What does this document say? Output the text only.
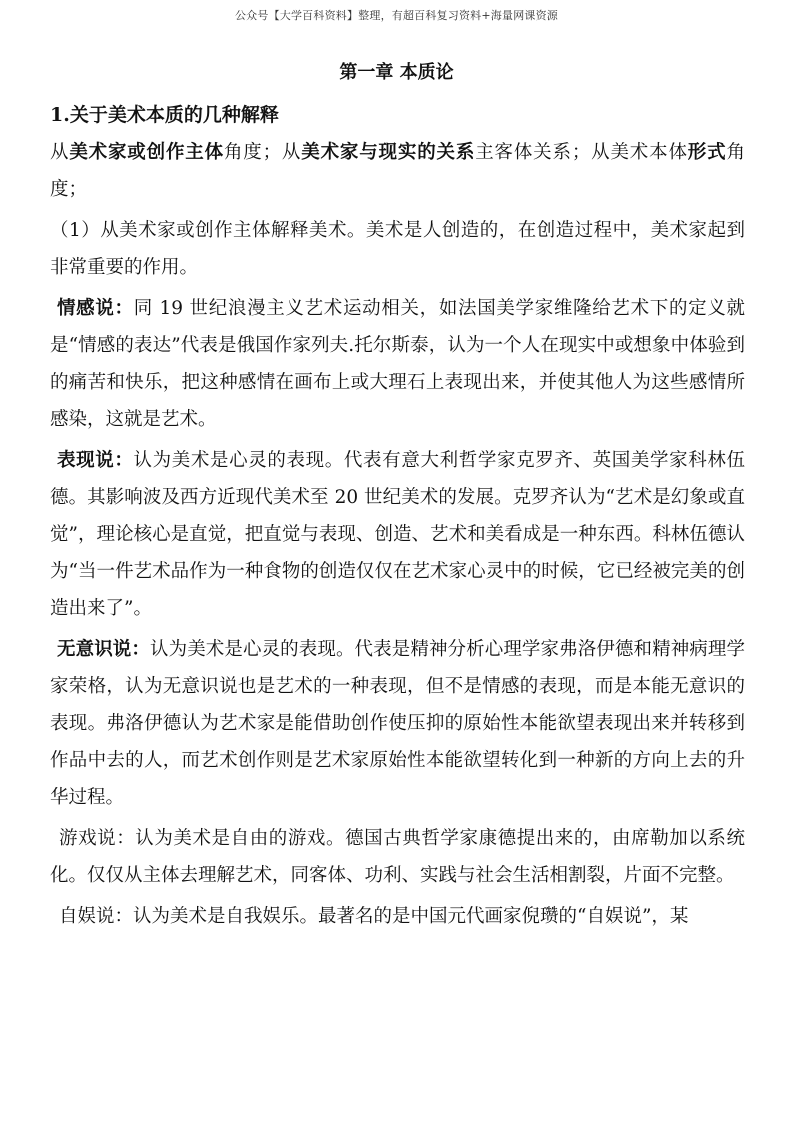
公众号【大学百科资料】整理，有超百科复习资料+海量网课资源
第一章 本质论
1.关于美术本质的几种解释

从美术家或创作主体角度；从美术家与现实的关系主客体关系；从美术本体形式角度；

（1）从美术家或创作主体解释美术。美术是人创造的，在创造过程中，美术家起到非常重要的作用。

情感说：同 19 世纪浪漫主义艺术运动相关，如法国美学家维隆给艺术下的定义就是“情感的表达”代表是俄国作家列夫.托尔斯泰，认为一个人在现实中或想象中体验到的痛苦和快乐，把这种感情在画布上或大理石上表现出来，并使其他人为这些感情所感染，这就是艺术。

表现说：认为美术是心灵的表现。代表有意大利哲学家克罗齐、英国美学家科林伍德。其影响波及西方近现代美术至 20 世纪美术的发展。克罗齐认为“艺术是幻象或直觉”，理论核心是直觉，把直觉与表现、创造、艺术和美看成是一种东西。科林伍德认为“当一件艺术品作为一种食物的创造仅仅在艺术家心灵中的时候，它已经被完美的创造出来了”。

无意识说：认为美术是心灵的表现。代表是精神分析心理学家弗洛伊德和精神病理学家荣格，认为无意识说也是艺术的一种表现，但不是情感的表现，而是本能无意识的表现。弗洛伊德认为艺术家是能借助创作使压抑的原始性本能欲望表现出来并转移到作品中去的人，而艺术创作则是艺术家原始性本能欲望转化到一种新的方向上去的升华过程。

游戏说：认为美术是自由的游戏。德国古典哲学家康德提出来的，由席勒加以系统化。仅仅从主体去理解艺术，同客体、功利、实践与社会生活相割裂，片面不完整。

自娱说：认为美术是自我娱乐。最著名的是中国元代画家倪瓒的“自娱说”，某
